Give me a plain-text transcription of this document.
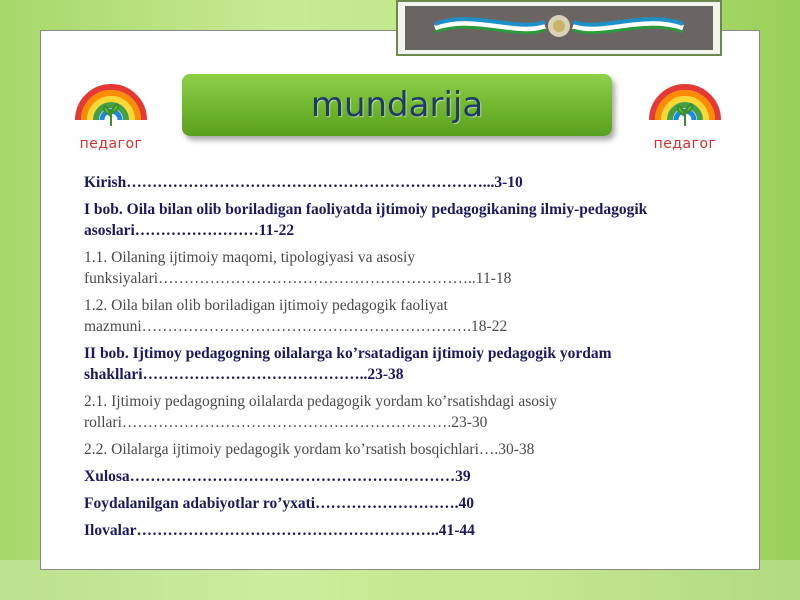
педагог	педагог
mundarija
Kirish……………………………………………………………...3-10
I bob. Oila bilan olib boriladigan faoliyatda ijtimoiy pedagogikaning ilmiy-pedagogik asoslari……………………11-22
1.1. Oilaning ijtimoiy maqomi, tipologiyasi va asosiy funksiyalari……………………………………………………..11-18
1.2. Oila bilan olib boriladigan ijtimoiy pedagogik faoliyat mazmuni……………………………………………………….18-22
II bob. Ijtimoy pedagogning oilalarga ko’rsatadigan ijtimoiy pedagogik yordam shakllari……………………………………..23-38
2.1. Ijtimoiy pedagogning oilalarda pedagogik yordam ko’rsatishdagi asosiy rollari……………………………………………………….23-30
2.2. Oilalarga ijtimoiy pedagogik yordam ko’rsatish bosqichlari….30-38
Xulosa………………………………………………………39
Foydalanilgan adabiyotlar ro’yxati……………………….40
Ilovalar…………………………………………………..41-44
